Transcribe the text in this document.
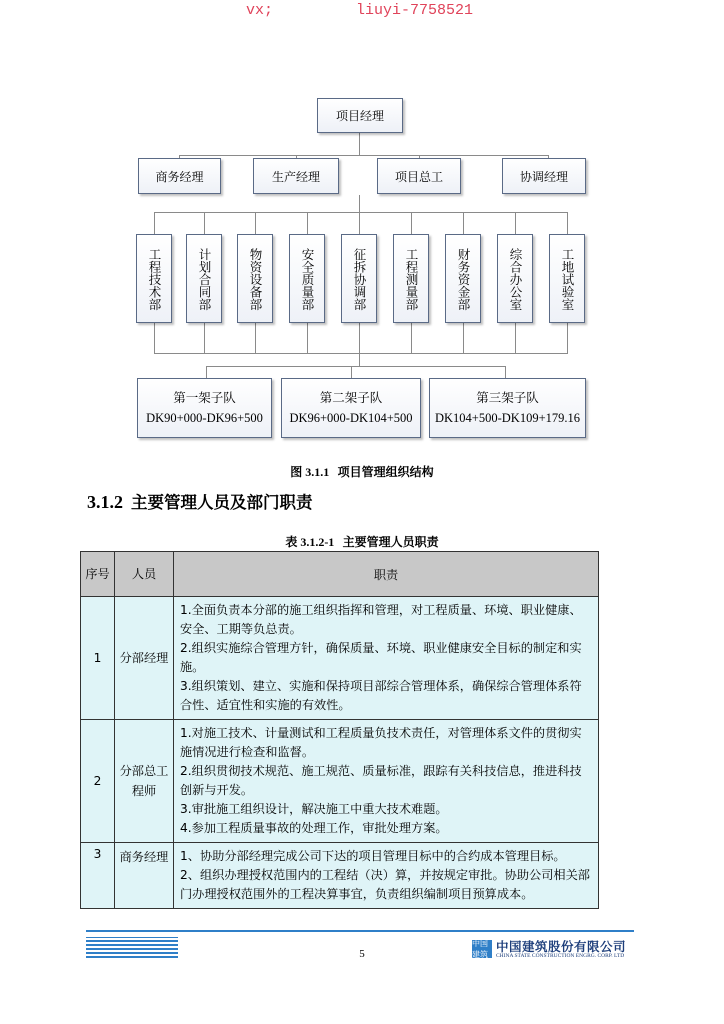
vx;	liuyi-7758521
项目经理
商务经理	生产经理	项目总工	协调经理
工程技术部	计划合同部	物资设备部	安全质量部	征拆协调部	工程测量部	财务资金部	综合办公室	工地试验室
第一架子队
DK90+000-DK96+500
第二架子队
DK96+000-DK104+500
第三架子队
DK104+500-DK109+179.16
图 3.1.1 项目管理组织结构
3.1.2 主要管理人员及部门职责
表 3.1.2-1 主要管理人员职责
序号	人员	职责
1	分部经理	1.全面负责本分部的施工组织指挥和管理，对工程质量、环境、职业健康、安全、工期等负总责。
2.组织实施综合管理方针，确保质量、环境、职业健康安全目标的制定和实施。
3.组织策划、建立、实施和保持项目部综合管理体系，确保综合管理体系符合性、适宜性和实施的有效性。

2	分部总工程师	1.对施工技术、计量测试和工程质量负技术责任，对管理体系文件的贯彻实施情况进行检查和监督。
2.组织贯彻技术规范、施工规范、质量标准，跟踪有关科技信息，推进科技创新与开发。
3.审批施工组织设计，解决施工中重大技术难题。
4.参加工程质量事故的处理工作，审批处理方案。

3	商务经理	1、协助分部经理完成公司下达的项目管理目标中的合约成本管理目标。
2、组织办理授权范围内的工程结（决）算，并按规定审批。协助公司相关部门办理授权范围外的工程决算事宜，负责组织编制项目预算成本。
5
中国建筑
中国建筑股份有限公司
CHINA STATE CONSTRUCTION ENGRG. CORP. LTD
